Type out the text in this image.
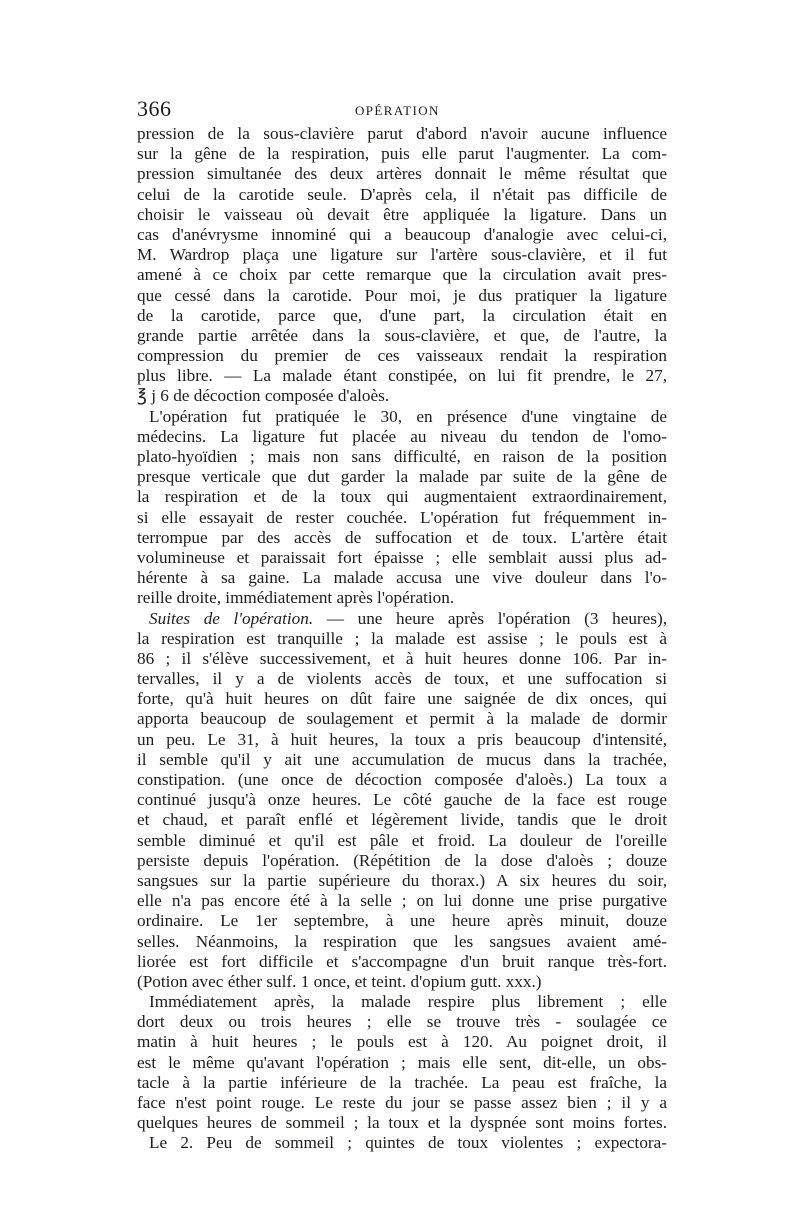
366	OPÉRATION
pression de la sous-clavière parut d'abord n'avoir aucune influence
sur la gêne de la respiration, puis elle parut l'augmenter. La com-
pression simultanée des deux artères donnait le même résultat que
celui de la carotide seule. D'après cela, il n'était pas difficile de
choisir le vaisseau où devait être appliquée la ligature. Dans un
cas d'anévrysme innominé qui a beaucoup d'analogie avec celui-ci,
M. Wardrop plaça une ligature sur l'artère sous-clavière, et il fut
amené à ce choix par cette remarque que la circulation avait pres-
que cessé dans la carotide. Pour moi, je dus pratiquer la ligature
de la carotide, parce que, d'une part, la circulation était en
grande partie arrêtée dans la sous-clavière, et que, de l'autre, la
compression du premier de ces vaisseaux rendait la respiration
plus libre. — La malade étant constipée, on lui fit prendre, le 27,
℥ j 6 de décoction composée d'aloès.
L'opération fut pratiquée le 30, en présence d'une vingtaine de
médecins. La ligature fut placée au niveau du tendon de l'omo-
plato-hyoïdien ; mais non sans difficulté, en raison de la position
presque verticale que dut garder la malade par suite de la gêne de
la respiration et de la toux qui augmentaient extraordinairement,
si elle essayait de rester couchée. L'opération fut fréquemment in-
terrompue par des accès de suffocation et de toux. L'artère était
volumineuse et paraissait fort épaisse ; elle semblait aussi plus ad-
hérente à sa gaine. La malade accusa une vive douleur dans l'o-
reille droite, immédiatement après l'opération.
Suites de l'opération. — une heure après l'opération (3 heures),
la respiration est tranquille ; la malade est assise ; le pouls est à
86 ; il s'élève successivement, et à huit heures donne 106. Par in-
tervalles, il y a de violents accès de toux, et une suffocation si
forte, qu'à huit heures on dût faire une saignée de dix onces, qui
apporta beaucoup de soulagement et permit à la malade de dormir
un peu. Le 31, à huit heures, la toux a pris beaucoup d'intensité,
il semble qu'il y ait une accumulation de mucus dans la trachée,
constipation. (une once de décoction composée d'aloès.) La toux a
continué jusqu'à onze heures. Le côté gauche de la face est rouge
et chaud, et paraît enflé et légèrement livide, tandis que le droit
semble diminué et qu'il est pâle et froid. La douleur de l'oreille
persiste depuis l'opération. (Répétition de la dose d'aloès ; douze
sangsues sur la partie supérieure du thorax.) A six heures du soir,
elle n'a pas encore été à la selle ; on lui donne une prise purgative
ordinaire. Le 1er septembre, à une heure après minuit, douze
selles. Néanmoins, la respiration que les sangsues avaient amé-
liorée est fort difficile et s'accompagne d'un bruit ranque très-fort.
(Potion avec éther sulf. 1 once, et teint. d'opium gutt. xxx.)
Immédiatement après, la malade respire plus librement ; elle
dort deux ou trois heures ; elle se trouve très - soulagée ce
matin à huit heures ; le pouls est à 120. Au poignet droit, il
est le même qu'avant l'opération ; mais elle sent, dit-elle, un obs-
tacle à la partie inférieure de la trachée. La peau est fraîche, la
face n'est point rouge. Le reste du jour se passe assez bien ; il y a
quelques heures de sommeil ; la toux et la dyspnée sont moins fortes.
Le 2. Peu de sommeil ; quintes de toux violentes ; expectora-
